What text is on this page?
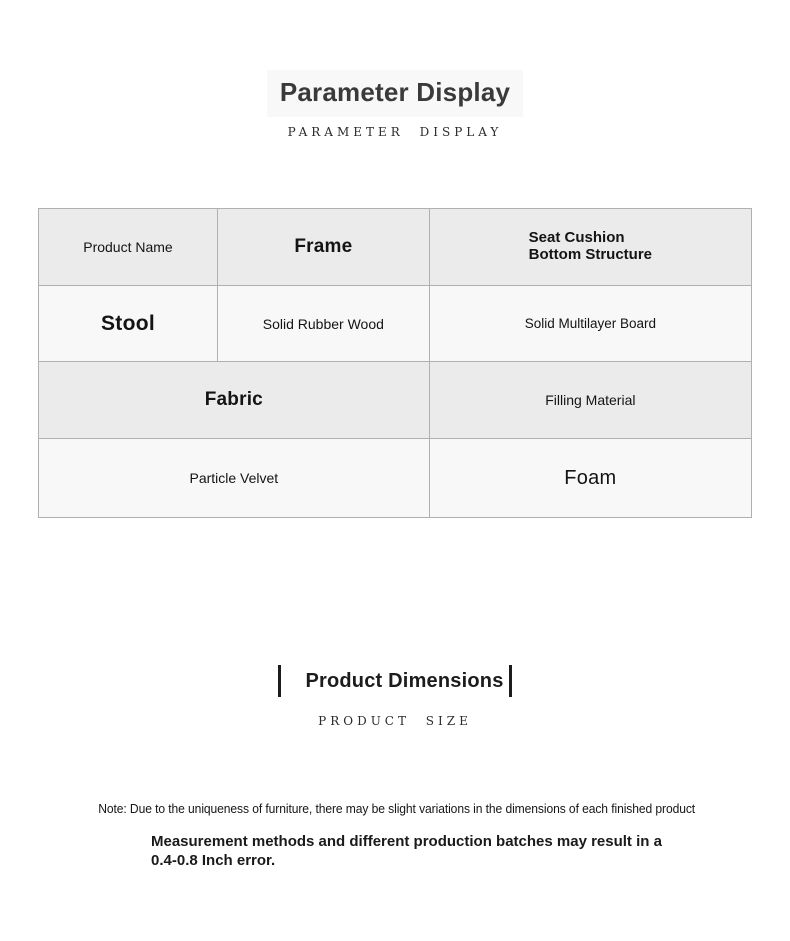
Parameter Display
PARAMETER DISPLAY
Product Name	Frame	Seat Cushion
Bottom Structure

Stool	Solid Rubber Wood	Solid Multilayer Board
Fabric		Filling Material
Particle Velvet		Foam
Product Dimensions
PRODUCT SIZE
Note: Due to the uniqueness of furniture, there may be slight variations in the dimensions of each finished product
Measurement methods and different production batches may result in a
0.4-0.8 Inch error.
